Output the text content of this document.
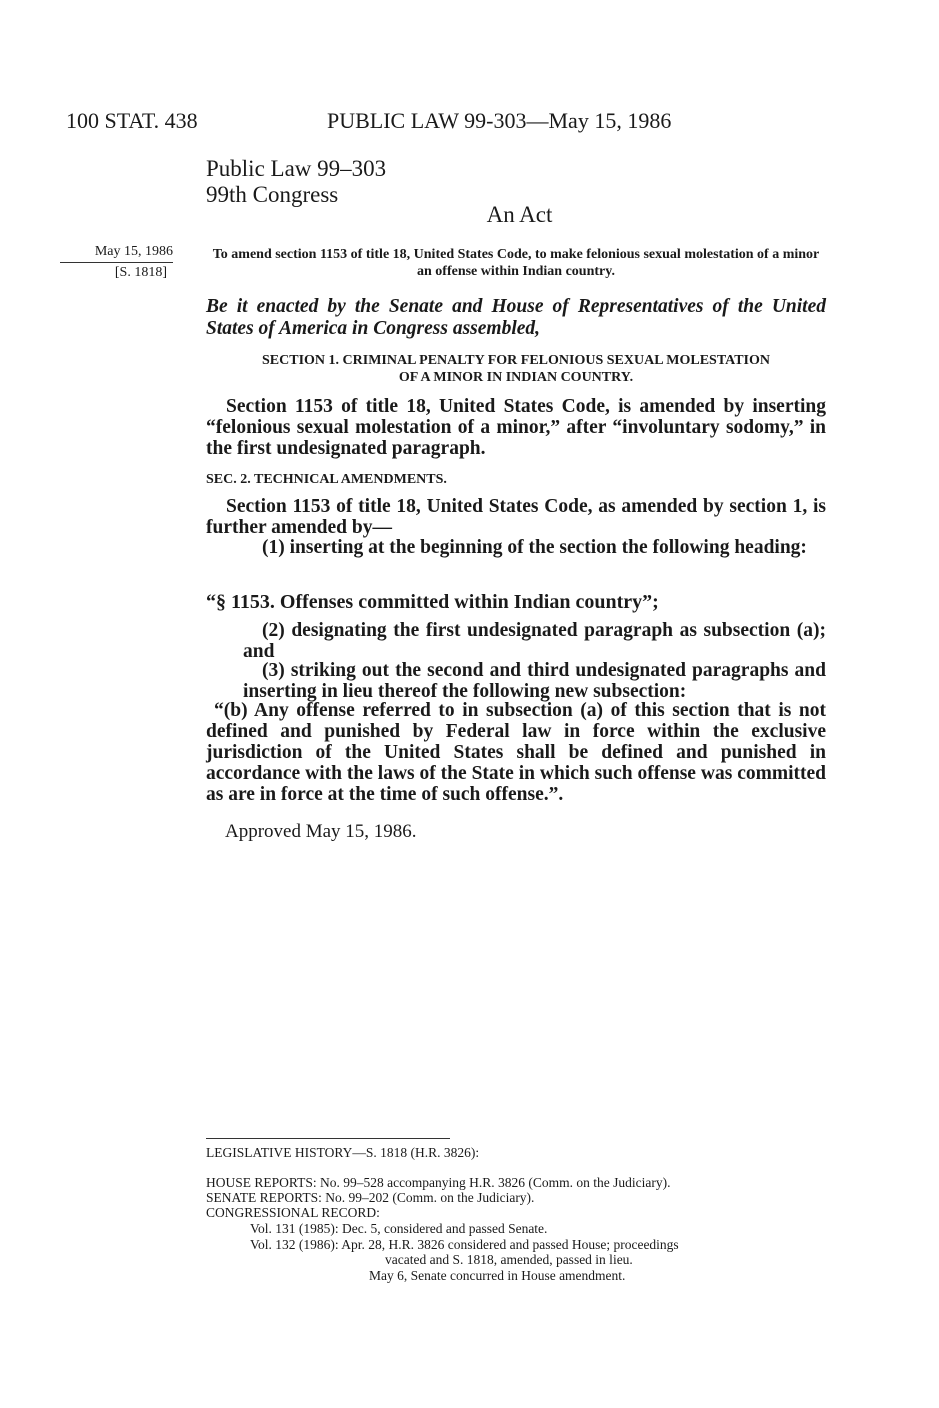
100 STAT. 438	PUBLIC LAW 99-303—May 15, 1986
Public Law 99–303
99th Congress
An Act
May 15, 1986
[S. 1818]
To amend section 1153 of title 18, United States Code, to make felonious sexual molestation of a minor an offense within Indian country.
Be it enacted by the Senate and House of Representatives of the United States of America in Congress assembled,
SECTION 1. CRIMINAL PENALTY FOR FELONIOUS SEXUAL MOLESTATION
OF A MINOR IN INDIAN COUNTRY.
Section 1153 of title 18, United States Code, is amended by inserting “felonious sexual molestation of a minor,” after “involuntary sodomy,” in the first undesignated paragraph.
SEC. 2. TECHNICAL AMENDMENTS.
Section 1153 of title 18, United States Code, as amended by section 1, is further amended by—
(1) inserting at the beginning of the section the following heading:
“§ 1153. Offenses committed within Indian country”;
(2) designating the first undesignated paragraph as subsection (a); and
(3) striking out the second and third undesignated paragraphs and inserting in lieu thereof the following new subsection:
“(b) Any offense referred to in subsection (a) of this section that is not defined and punished by Federal law in force within the exclusive jurisdiction of the United States shall be defined and punished in accordance with the laws of the State in which such offense was committed as are in force at the time of such offense.”.
Approved May 15, 1986.
LEGISLATIVE HISTORY—S. 1818 (H.R. 3826):
HOUSE REPORTS: No. 99–528 accompanying H.R. 3826 (Comm. on the Judiciary).
SENATE REPORTS: No. 99–202 (Comm. on the Judiciary).
CONGRESSIONAL RECORD:
Vol. 131 (1985): Dec. 5, considered and passed Senate.
Vol. 132 (1986): Apr. 28, H.R. 3826 considered and passed House; proceedings
vacated and S. 1818, amended, passed in lieu.
May 6, Senate concurred in House amendment.
